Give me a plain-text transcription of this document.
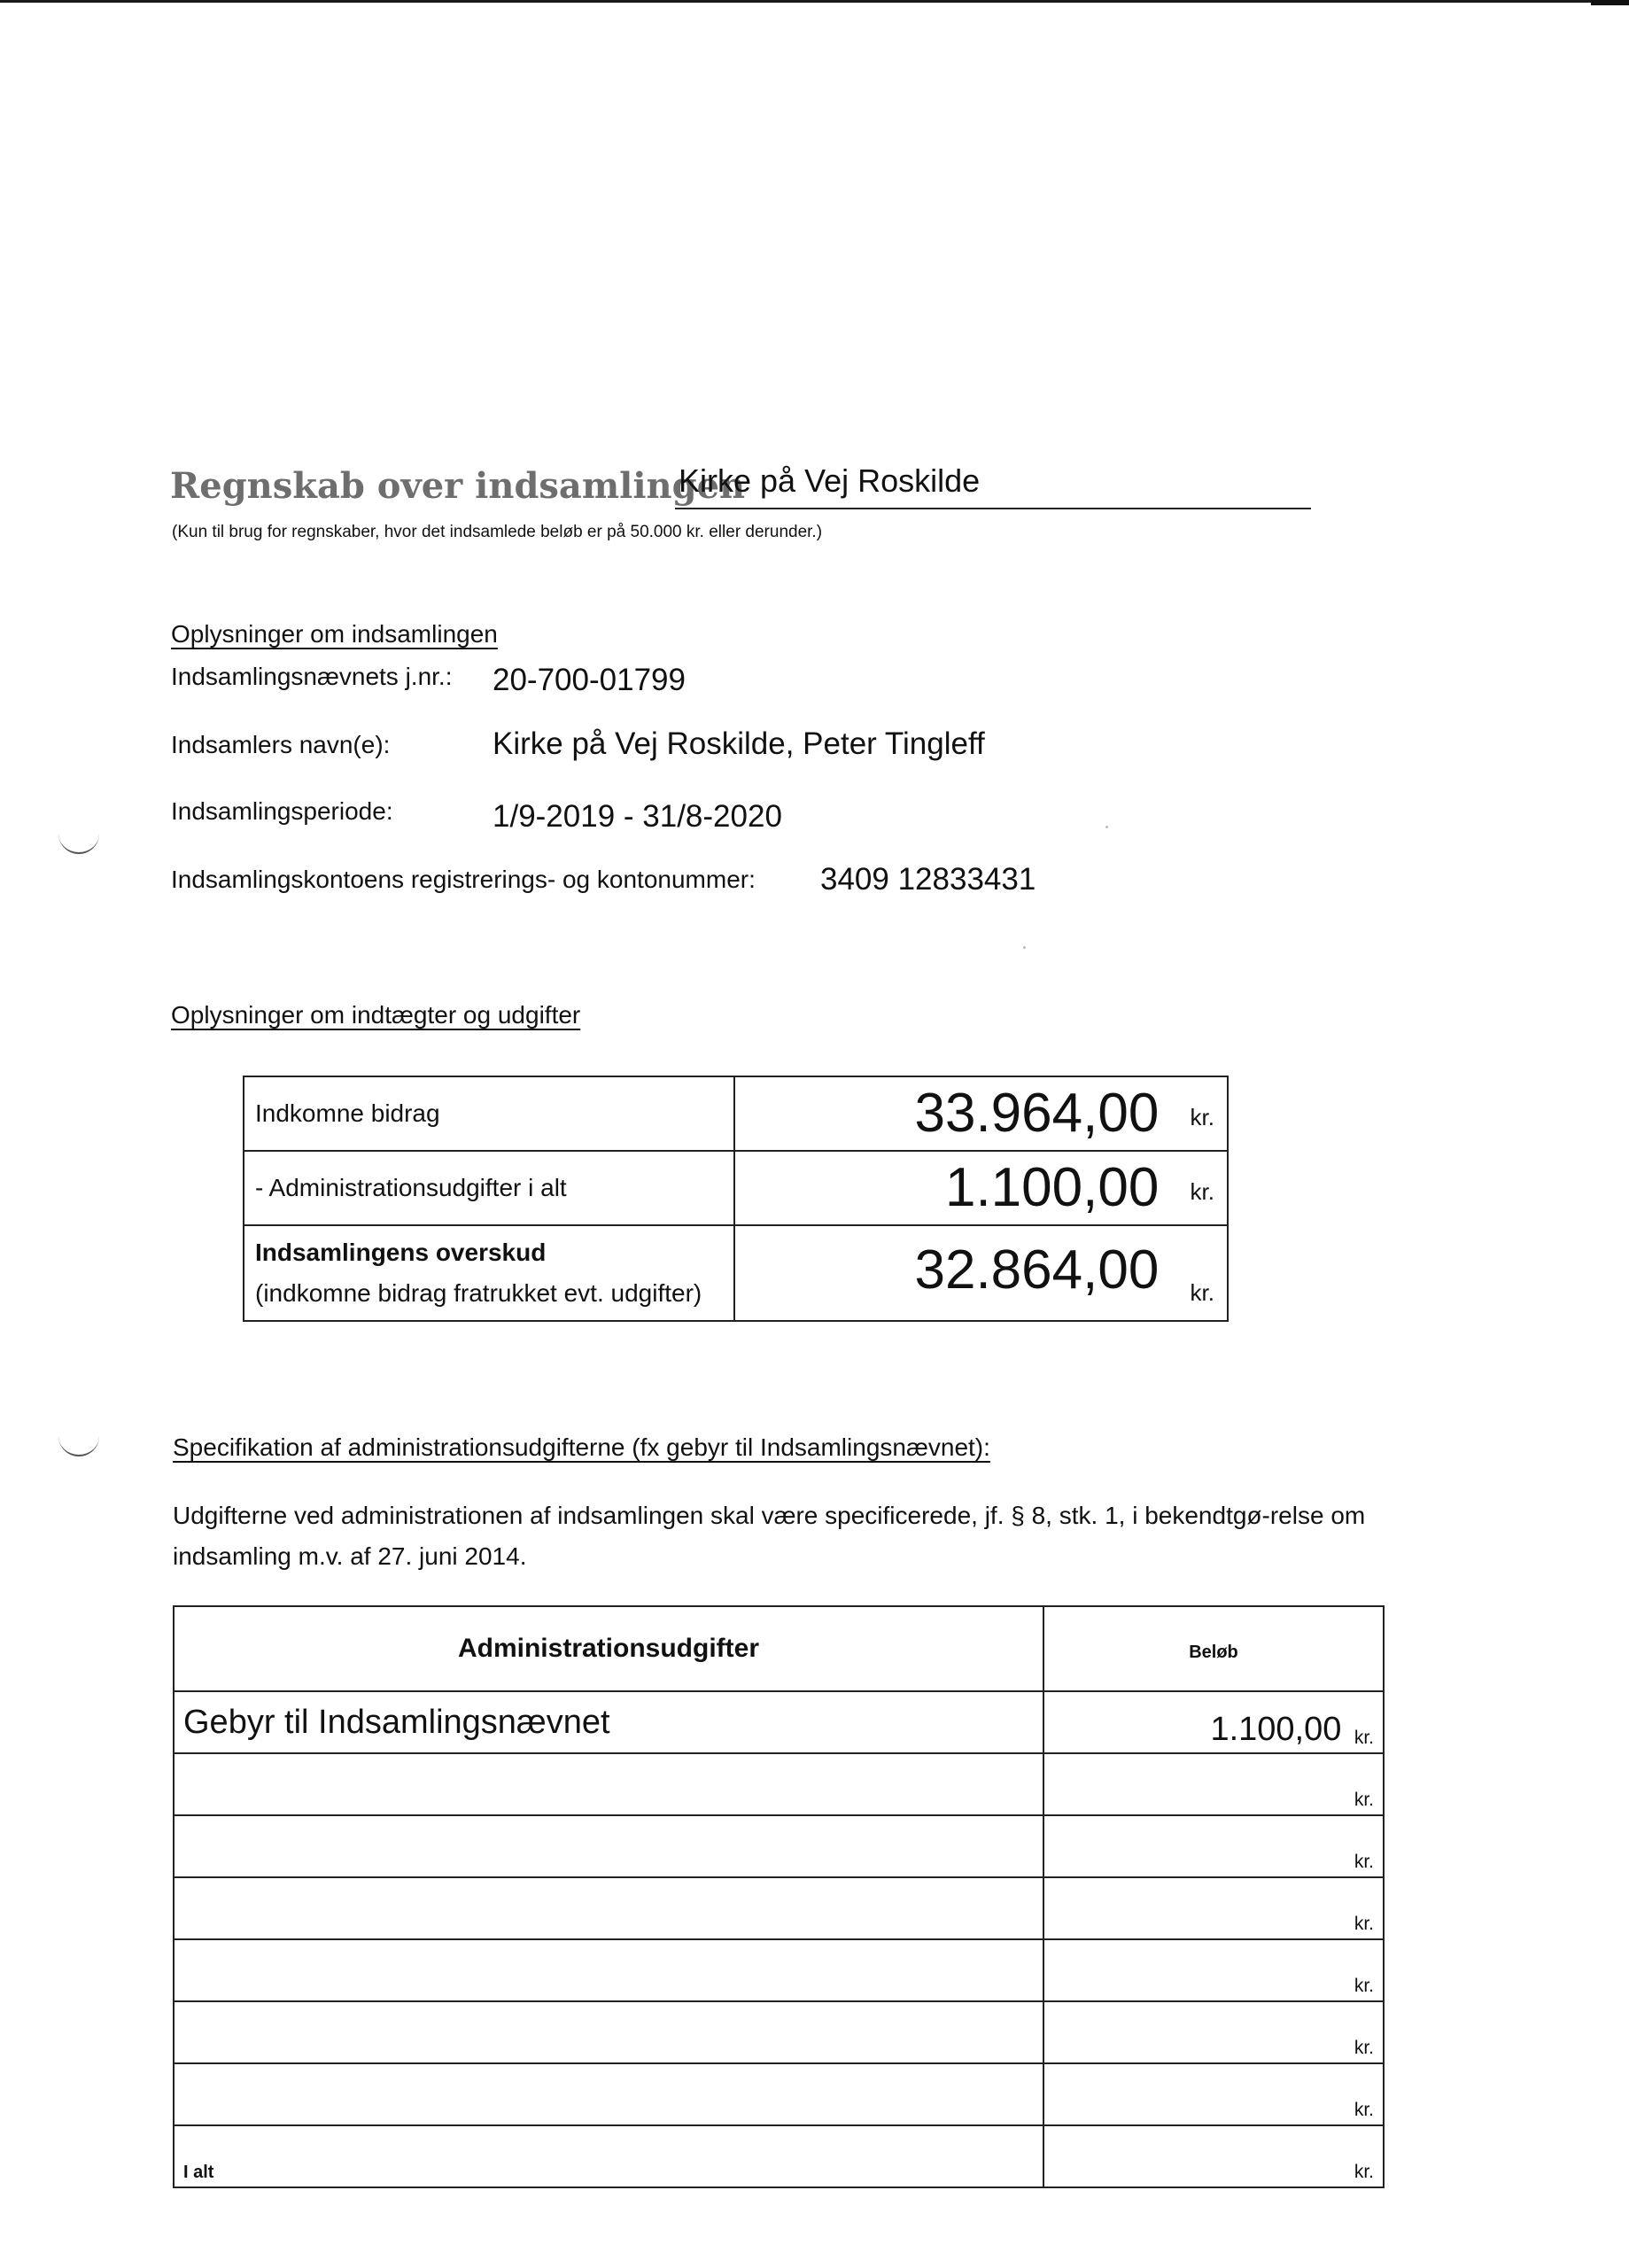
Regnskab over indsamlingen
Kirke på Vej Roskilde
(Kun til brug for regnskaber, hvor det indsamlede beløb er på 50.000 kr. eller derunder.)
Oplysninger om indsamlingen
Indsamlingsnævnets j.nr.: 20-700-01799
Indsamlers navn(e):	Kirke på Vej Roskilde, Peter Tingleff
Indsamlingsperiode:	1/9-2019 - 31/8-2020
Indsamlingskontoens registrerings- og kontonummer: 3409 12833431
Oplysninger om indtægter og udgifter
Indkomne bidrag	33.964,00 kr.
- Administrationsudgifter i alt	1.100,00 kr.

Indsamlingens overskud
(indkomne bidrag fratrukket evt. udgifter)	32.864,00 $_{kr.}$
Specifikation af administrationsudgifterne (fx gebyr til Indsamlingsnævnet):
Udgifterne ved administrationen af indsamlingen skal være specificerede, jf. § 8, stk. 1, i bekendtgø-relse om indsamling m.v. af 27. juni 2014.
Administrationsudgifter	Beløb
Gebyr til Indsamlingsnævnet	1.100,00 kr.
	kr.
	kr.
	kr.
	kr.
	kr.
	kr.
I alt	kr.
